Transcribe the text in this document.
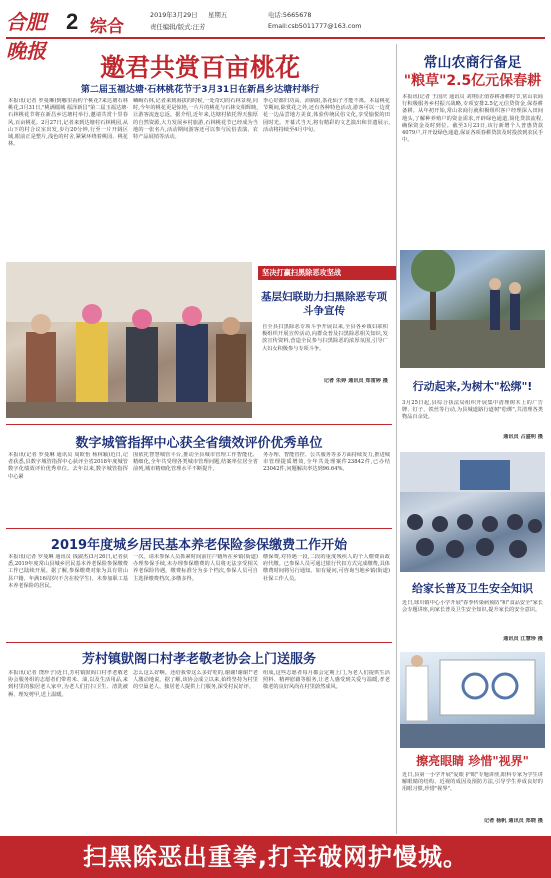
合肥晚报
2 综合
2019年3月29日 星期五
责任编辑/版式:汪芳
电话:5665678
Email:csb5011777@163.com
邀君共赏百亩桃花
第二届玉福达塘·石林桃花节于3月31日在新昌乡达塘村举行
本报讯(记者 罗曼琳)到哪里看约个桃花?来达塘石林桃花,3月31日,"桃满缰城 福泽新昌"第二届玉福达塘·石林桃花节将在新昌乡达塘村举行,邀请共赏十里春风,百亩桃花。2月27日,记者来到达塘村石林桃园,从山下的村合议室出发,步行20分钟,行至一片开阔区域,眼前正是整片,浅色的村舍,紧紧环绕着桃园、桃花林。
嶙峋石林,记者来到海拔的时候,一处奇幻的石林景观,同时,今年的桃花更是惊艳,一片片的桃花与石林交相辉映,让游客流连忘返。据介绍,近年来,达塘村依托得天独厚的自然资源,大力发展乡村旅游,石林桃花节已经成为当地的一张名片,活动期间游客还可以参与民俗表演、农特产品展销等活动。
季心好都归功高、沛瓶限,茶花仙子才能不离。本届桃花节期间,除赏花之外,还有各种特色活动,游客可以一边赏花一边品尝地方美食,体验传统民俗文化,享受愉悦的田园时光。开幕式当天,将有精彩的文艺演出和非遗展示,活动将持续至4月中旬。
坚决打赢扫黑除恶攻坚战
基层妇联助力扫黑除恶专项斗争宣传
自全县扫黑除恶专项斗争开展以来,全县各乡镇妇联积极组织开展宣传活动,向群众普及扫黑除恶相关知识,发放宣传资料,营造全民参与扫黑除恶的浓厚氛围,引导广大妇女积极参与专项斗争。
记者 朱婷 通讯员 郑雷婷 摄
常山农商行备足
"粮草"2.5亿元保春耕
本报讯(记者 王国庆 通讯员 刘翔)正值春耕备耕时节,常山农商行积极服务乡村振兴战略,专项安排2.5亿元信贷资金,保春耕备耕。从年初开始,常山农商行就积极组织客户经理深入田间地头,了解种养殖户的资金需求,开辟绿色通道,简化贷款流程,确保资金及时到位。截至3月23日,该行新增个人普惠贷款4079户,并开设绿色通道,保证各项春耕贷款及时投放到农民手中。
行动起来,为树木"松绑"!
3月25日起,县综合执法局组织开展集中清理树木上的广告牌、钉子、铁丝等行动,为县城道路行道树"松绑",共清理各类物品百余处。
通讯员 占盛明 摄
给家长普及卫生安全知识
近日,球川镇中心小学开展"春季传染病预防"和"食品安全"家长会专题讲座,向家长普及卫生安全知识,提升家长的安全意识。
通讯员 江慧珍 摄
擦亮眼睛 珍惜"视界"
近日,县第一小学开展"爱眼 护眼"专题讲座,眼科专家为学生讲解眼睛的结构、近视的成因及预防方法,引导学生养成良好的用眼习惯,珍惜"视界"。
记者 杨帆 通讯员 郑晓 摄
数字城管指挥中心获全省绩效评价优秀单位
本报讯(记者 罗曼琳 通讯员 周欧怡 杨林颖)近日,记者获悉,县数字城管指挥中心获评全省2018年度城管数字化绩效评价优秀单位。去年以来,数字城管指挥中心紧
围依托智慧城管平台,推动全县城市管理工作智能化、精细化,全年共受理各类城市管理问题,结案率位居全省前列,城市精细化管理水平不断提升。
务办理、智能管控、公共服务等多方面持续发力,推进城市管理提质增效,全年共处理案件23842件,已办结23042件,问题解决率达到96.64%。
2019年度城乡居民基本养老保险参保缴费工作开始
本报讯(记者 罗曼琳 通讯员 钱淑杰)3月26日,记者获悉,2019年度常山县城乡居民基本养老保险参保缴费工作已陆续开展。据了解,参保缴费对象为具有常山县户籍、年满16周岁(不含在校学生)、未参加职工基本养老保险的居民。
一次。请未参保人员抓紧时间前往户籍所在乡镇(街道)办理参保手续,未办理参保缴费的人员将无法享受相关养老保险待遇。缴费标准分为多个档次,参保人员可自主选择缴费档次,多缴多得。
缴保费,对待遇一段,二段的重度残疾人的个人缴费由政府代缴。已参保人员可通过银行代扣方式完成缴费,具体缴费时间将另行通知。如有疑问,可咨询当地乡镇(街道)社保工作人员。
芳村镇獃阁口村孝老敬老协会上门送服务
本报讯(记者 饶珍子)近日,芳村镇獃阁口村孝老敬老协会服务组的志愿者们带着米、油,以及生活用品,来到村里的独居老人家中,为老人们打扫卫生、清洗被褥、理发剪甲,送上温暖。
怎么这么好啊。还给我带这么多好吃的,谢谢!谢谢!"老人激动地说。据了解,该协会成立以来,始终坚持为村里的空巢老人、独居老人提供上门服务,深受村民好评。
组成,这些志愿者每月都会定期上门,为老人们提供生活照料、精神慰藉等服务,让老人感受到关爱与温暖,孝老敬老的良好风尚在村里蔚然成风。
扫黑除恶出重拳,打辛破网护慢城。
